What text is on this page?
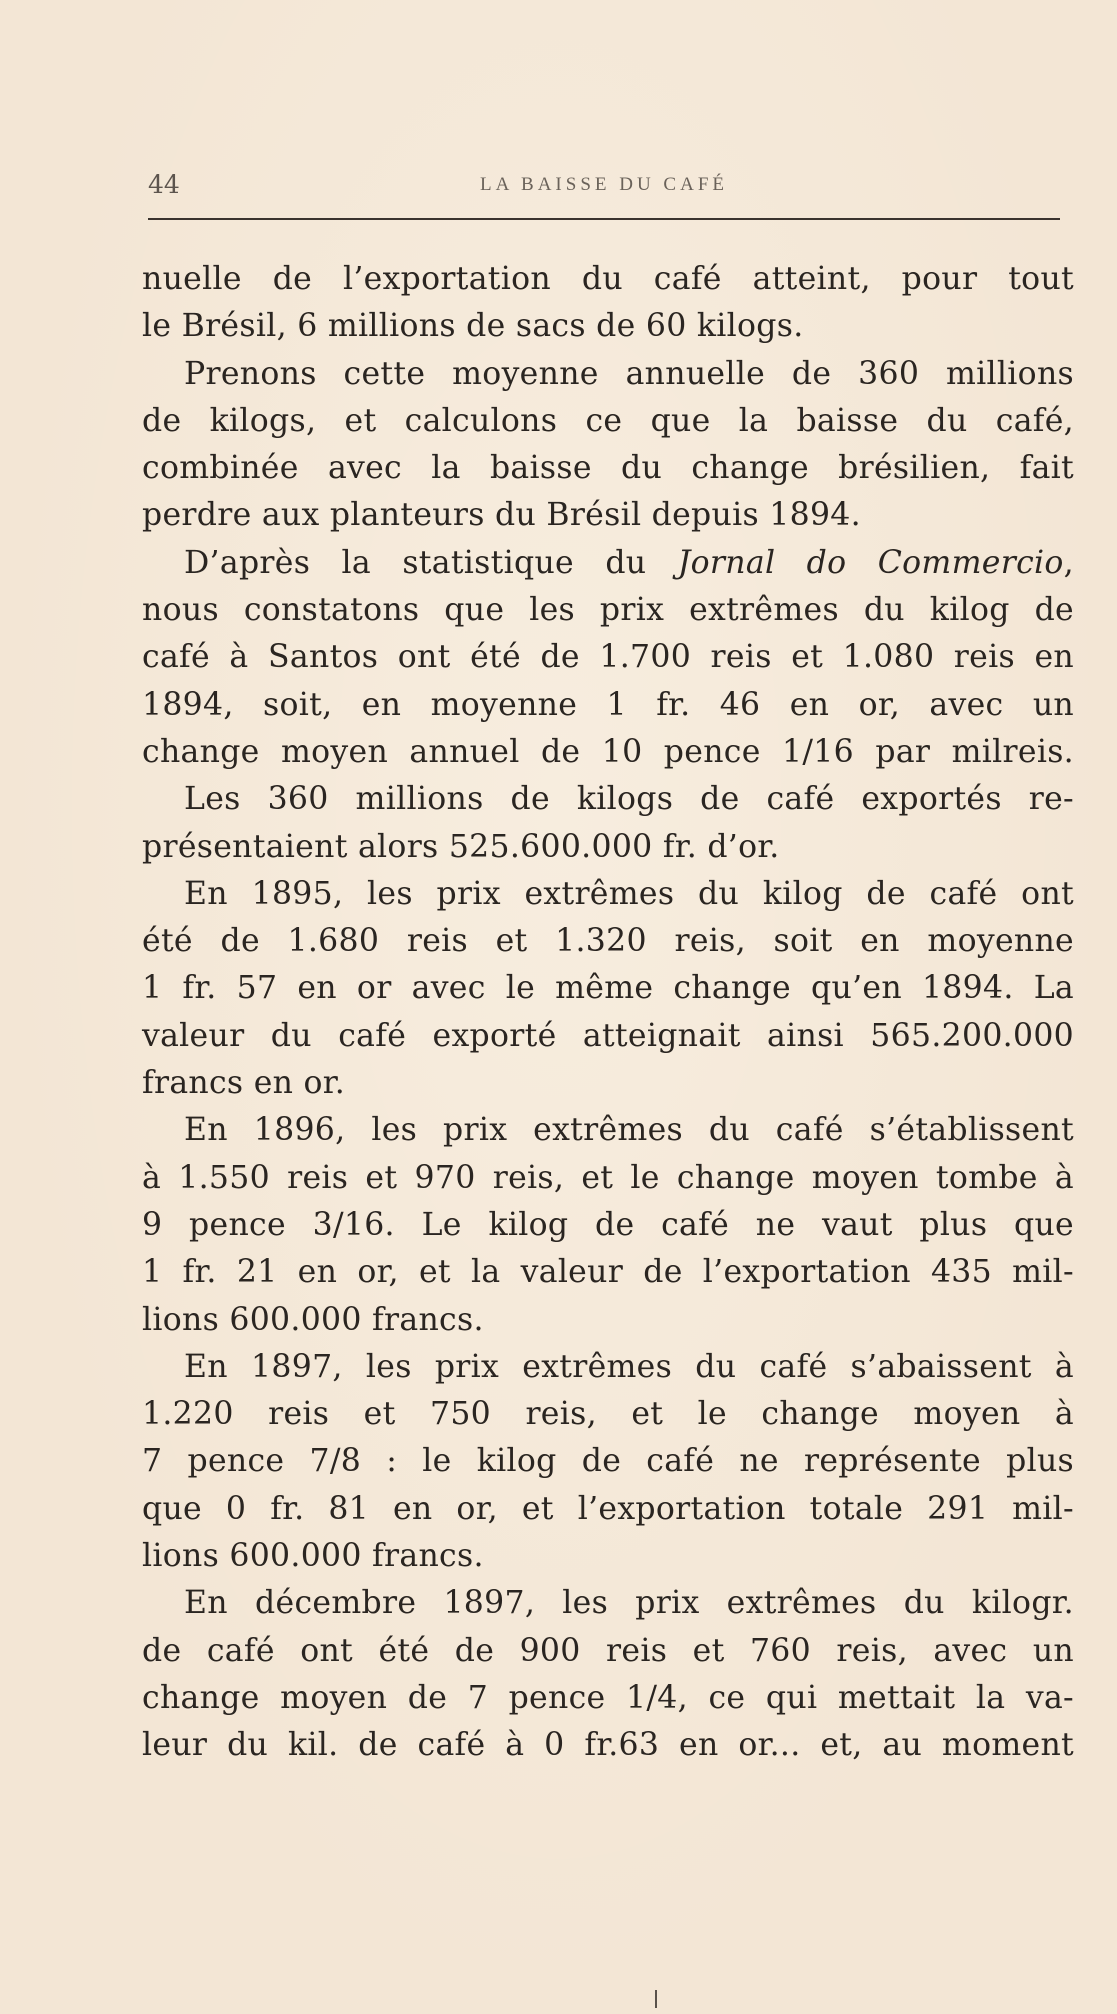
44	LA BAISSE DU CAFÉ
nuelle de l’exportation du café atteint, pour tout
le Brésil, 6 millions de sacs de 60 kilogs.
Prenons cette moyenne annuelle de 360 millions
de kilogs, et calculons ce que la baisse du café,
combinée avec la baisse du change brésilien, fait
perdre aux planteurs du Brésil depuis 1894.
D’après la statistique du Jornal do Commercio,
nous constatons que les prix extrêmes du kilog de
café à Santos ont été de 1.700 reis et 1.080 reis en
1894, soit, en moyenne 1 fr. 46 en or, avec un
change moyen annuel de 10 pence 1/16 par milreis.
Les 360 millions de kilogs de café exportés re-
présentaient alors 525.600.000 fr. d’or.
En 1895, les prix extrêmes du kilog de café ont
été de 1.680 reis et 1.320 reis, soit en moyenne
1 fr. 57 en or avec le même change qu’en 1894. La
valeur du café exporté atteignait ainsi 565.200.000
francs en or.
En 1896, les prix extrêmes du café s’établissent
à 1.550 reis et 970 reis, et le change moyen tombe à
9 pence 3/16. Le kilog de café ne vaut plus que
1 fr. 21 en or, et la valeur de l’exportation 435 mil-
lions 600.000 francs.
En 1897, les prix extrêmes du café s’abaissent à
1.220 reis et 750 reis, et le change moyen à
7 pence 7/8 : le kilog de café ne représente plus
que 0 fr. 81 en or, et l’exportation totale 291 mil-
lions 600.000 francs.
En décembre 1897, les prix extrêmes du kilogr.
de café ont été de 900 reis et 760 reis, avec un
change moyen de 7 pence 1/4, ce qui mettait la va-
leur du kil. de café à 0 fr.63 en or... et, au moment
